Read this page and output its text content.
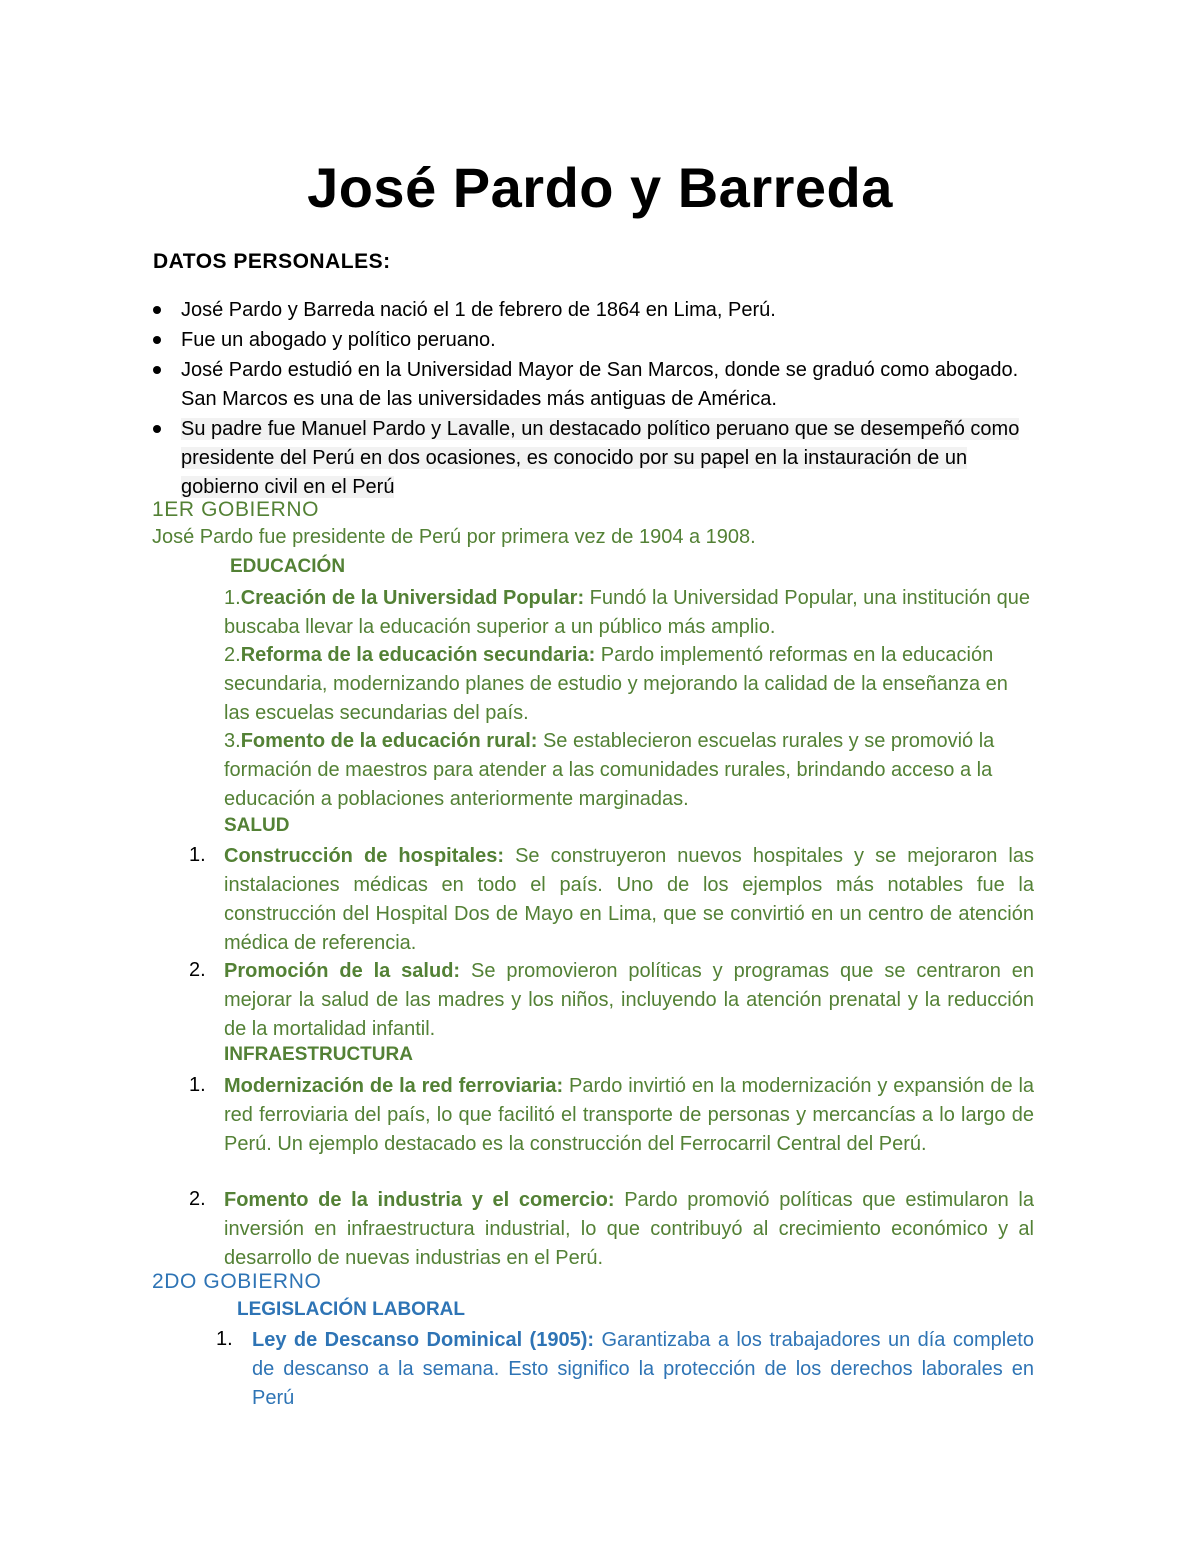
José Pardo y Barreda
DATOS PERSONALES:
José Pardo y Barreda nació el 1 de febrero de 1864 en Lima, Perú.
Fue un abogado y político peruano.
José Pardo estudió en la Universidad Mayor de San Marcos, donde se graduó como abogado. San Marcos es una de las universidades más antiguas de América.
Su padre fue Manuel Pardo y Lavalle, un destacado político peruano que se desempeñó como presidente del Perú en dos ocasiones, es conocido por su papel en la instauración de un gobierno civil en el Perú
1ER GOBIERNO
José Pardo fue presidente de Perú por primera vez de 1904 a 1908.
EDUCACIÓN
1.Creación de la Universidad Popular: Fundó la Universidad Popular, una institución que buscaba llevar la educación superior a un público más amplio.
2.Reforma de la educación secundaria: Pardo implementó reformas en la educación secundaria, modernizando planes de estudio y mejorando la calidad de la enseñanza en las escuelas secundarias del país.
3.Fomento de la educación rural: Se establecieron escuelas rurales y se promovió la formación de maestros para atender a las comunidades rurales, brindando acceso a la educación a poblaciones anteriormente marginadas.
SALUD
1. Construcción de hospitales: Se construyeron nuevos hospitales y se mejoraron las instalaciones médicas en todo el país. Uno de los ejemplos más notables fue la construcción del Hospital Dos de Mayo en Lima, que se convirtió en un centro de atención médica de referencia.
2. Promoción de la salud: Se promovieron políticas y programas que se centraron en mejorar la salud de las madres y los niños, incluyendo la atención prenatal y la reducción de la mortalidad infantil.
INFRAESTRUCTURA
1. Modernización de la red ferroviaria: Pardo invirtió en la modernización y expansión de la red ferroviaria del país, lo que facilitó el transporte de personas y mercancías a lo largo de Perú. Un ejemplo destacado es la construcción del Ferrocarril Central del Perú.
2. Fomento de la industria y el comercio: Pardo promovió políticas que estimularon la inversión en infraestructura industrial, lo que contribuyó al crecimiento económico y al desarrollo de nuevas industrias en el Perú.
2DO GOBIERNO
LEGISLACIÓN LABORAL
1. Ley de Descanso Dominical (1905): Garantizaba a los trabajadores un día completo de descanso a la semana. Esto significo la protección de los derechos laborales en Perú
